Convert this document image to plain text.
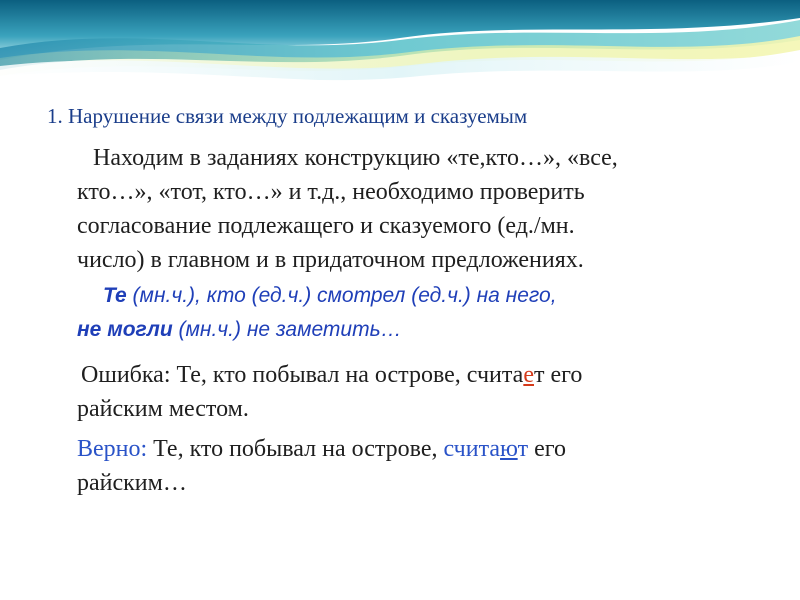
1. Нарушение связи между подлежащим и сказуемым
Находим в заданиях конструкцию «те,кто…», «все,
кто…», «тот, кто…» и т.д., необходимо проверить
согласование подлежащего и сказуемого (ед./мн.
число) в главном и в придаточном предложениях.
Те (мн.ч.), кто (ед.ч.) смотрел (ед.ч.) на него,
не могли (мн.ч.) не заметить…
Ошибка: Те, кто побывал на острове, считает его
райским местом.
Верно: Те, кто побывал на острове, считают его
райским…
